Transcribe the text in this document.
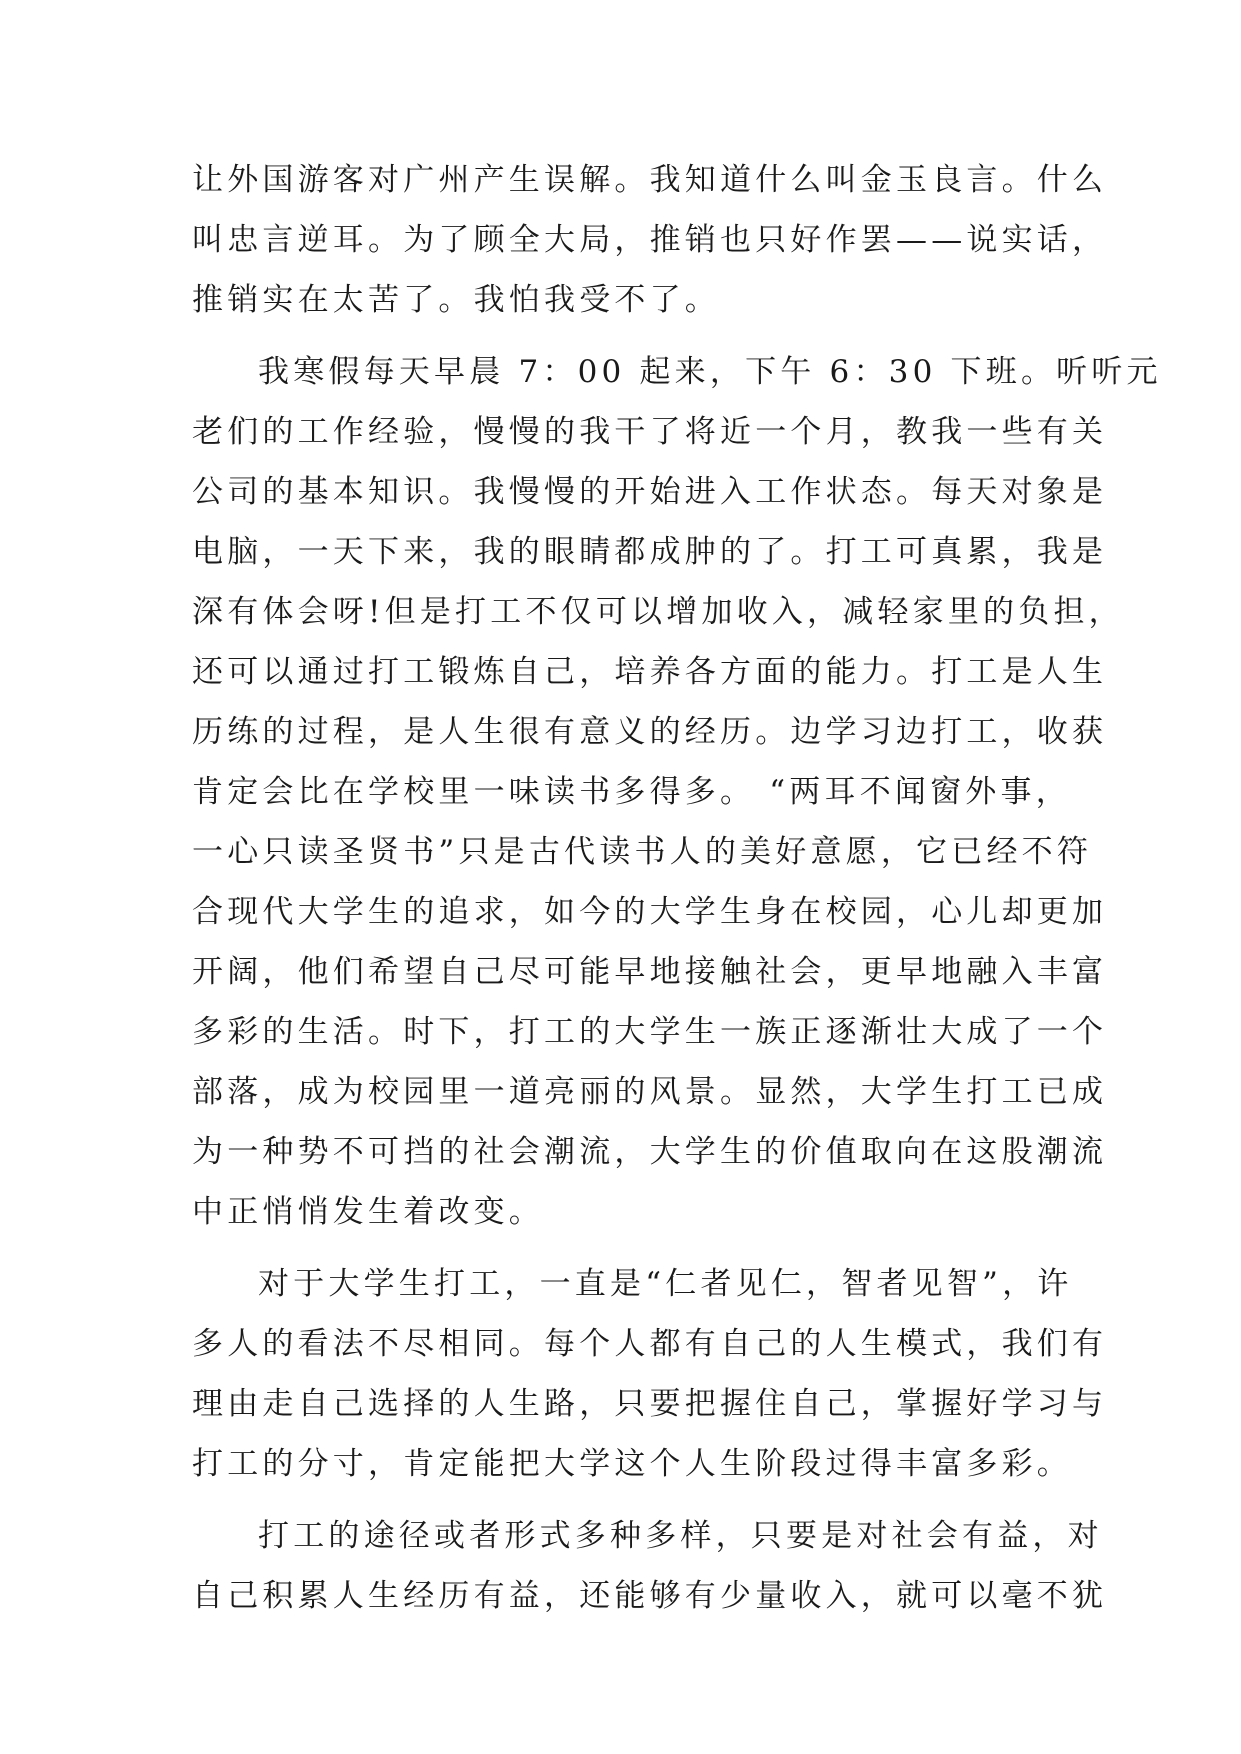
让外国游客对广州产生误解。我知道什么叫金玉良言。什么
叫忠言逆耳。为了顾全大局，推销也只好作罢——说实话，
推销实在太苦了。我怕我受不了。
我寒假每天早晨 7：00 起来，下午 6：30 下班。听听元
老们的工作经验，慢慢的我干了将近一个月，教我一些有关
公司的基本知识。我慢慢的开始进入工作状态。每天对象是
电脑，一天下来，我的眼睛都成肿的了。打工可真累，我是
深有体会呀!但是打工不仅可以增加收入，减轻家里的负担，
还可以通过打工锻炼自己，培养各方面的能力。打工是人生
历练的过程，是人生很有意义的经历。边学习边打工，收获
肯定会比在学校里一味读书多得多。 “两耳不闻窗外事，
一心只读圣贤书”只是古代读书人的美好意愿，它已经不符
合现代大学生的追求，如今的大学生身在校园，心儿却更加
开阔，他们希望自己尽可能早地接触社会，更早地融入丰富
多彩的生活。时下，打工的大学生一族正逐渐壮大成了一个
部落，成为校园里一道亮丽的风景。显然，大学生打工已成
为一种势不可挡的社会潮流，大学生的价值取向在这股潮流
中正悄悄发生着改变。
对于大学生打工，一直是“仁者见仁，智者见智”，许
多人的看法不尽相同。每个人都有自己的人生模式，我们有
理由走自己选择的人生路，只要把握住自己，掌握好学习与
打工的分寸，肯定能把大学这个人生阶段过得丰富多彩。
打工的途径或者形式多种多样，只要是对社会有益，对
自己积累人生经历有益，还能够有少量收入，就可以毫不犹
